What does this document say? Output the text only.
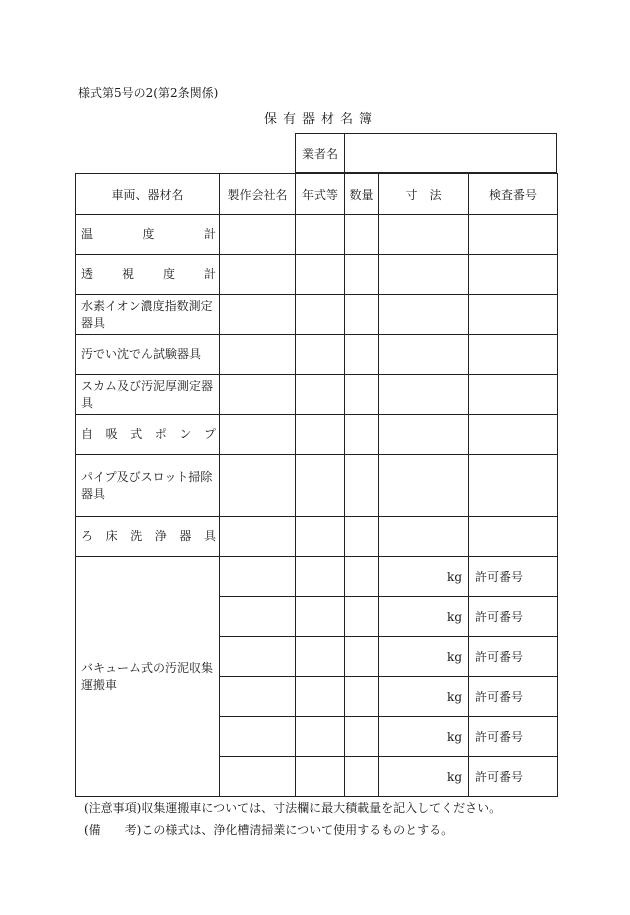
様式第5号の2(第2条関係)
保有器材名簿
業者名	
車両、器材名	製作会社名	年式等	数量	寸　法	検査番号
温　　　度　　　計					
透　　視　　度　　計					
水素イオン濃度指数測定器具					
汚でい沈でん試験器具					
スカム及び汚泥厚測定器具					
自　吸　式　ポ　ン　プ					
パイプ及びスロット掃除器具					
ろ　床　洗　浄　器　具					
バキューム式の汚泥収集運搬車				kg	許可番号
				kg	許可番号
				kg	許可番号
				kg	許可番号
				kg	許可番号
				kg	許可番号
(注意事項)収集運搬車については、寸法欄に最大積載量を記入してください。
(備　　考)この様式は、浄化槽清掃業について使用するものとする。
